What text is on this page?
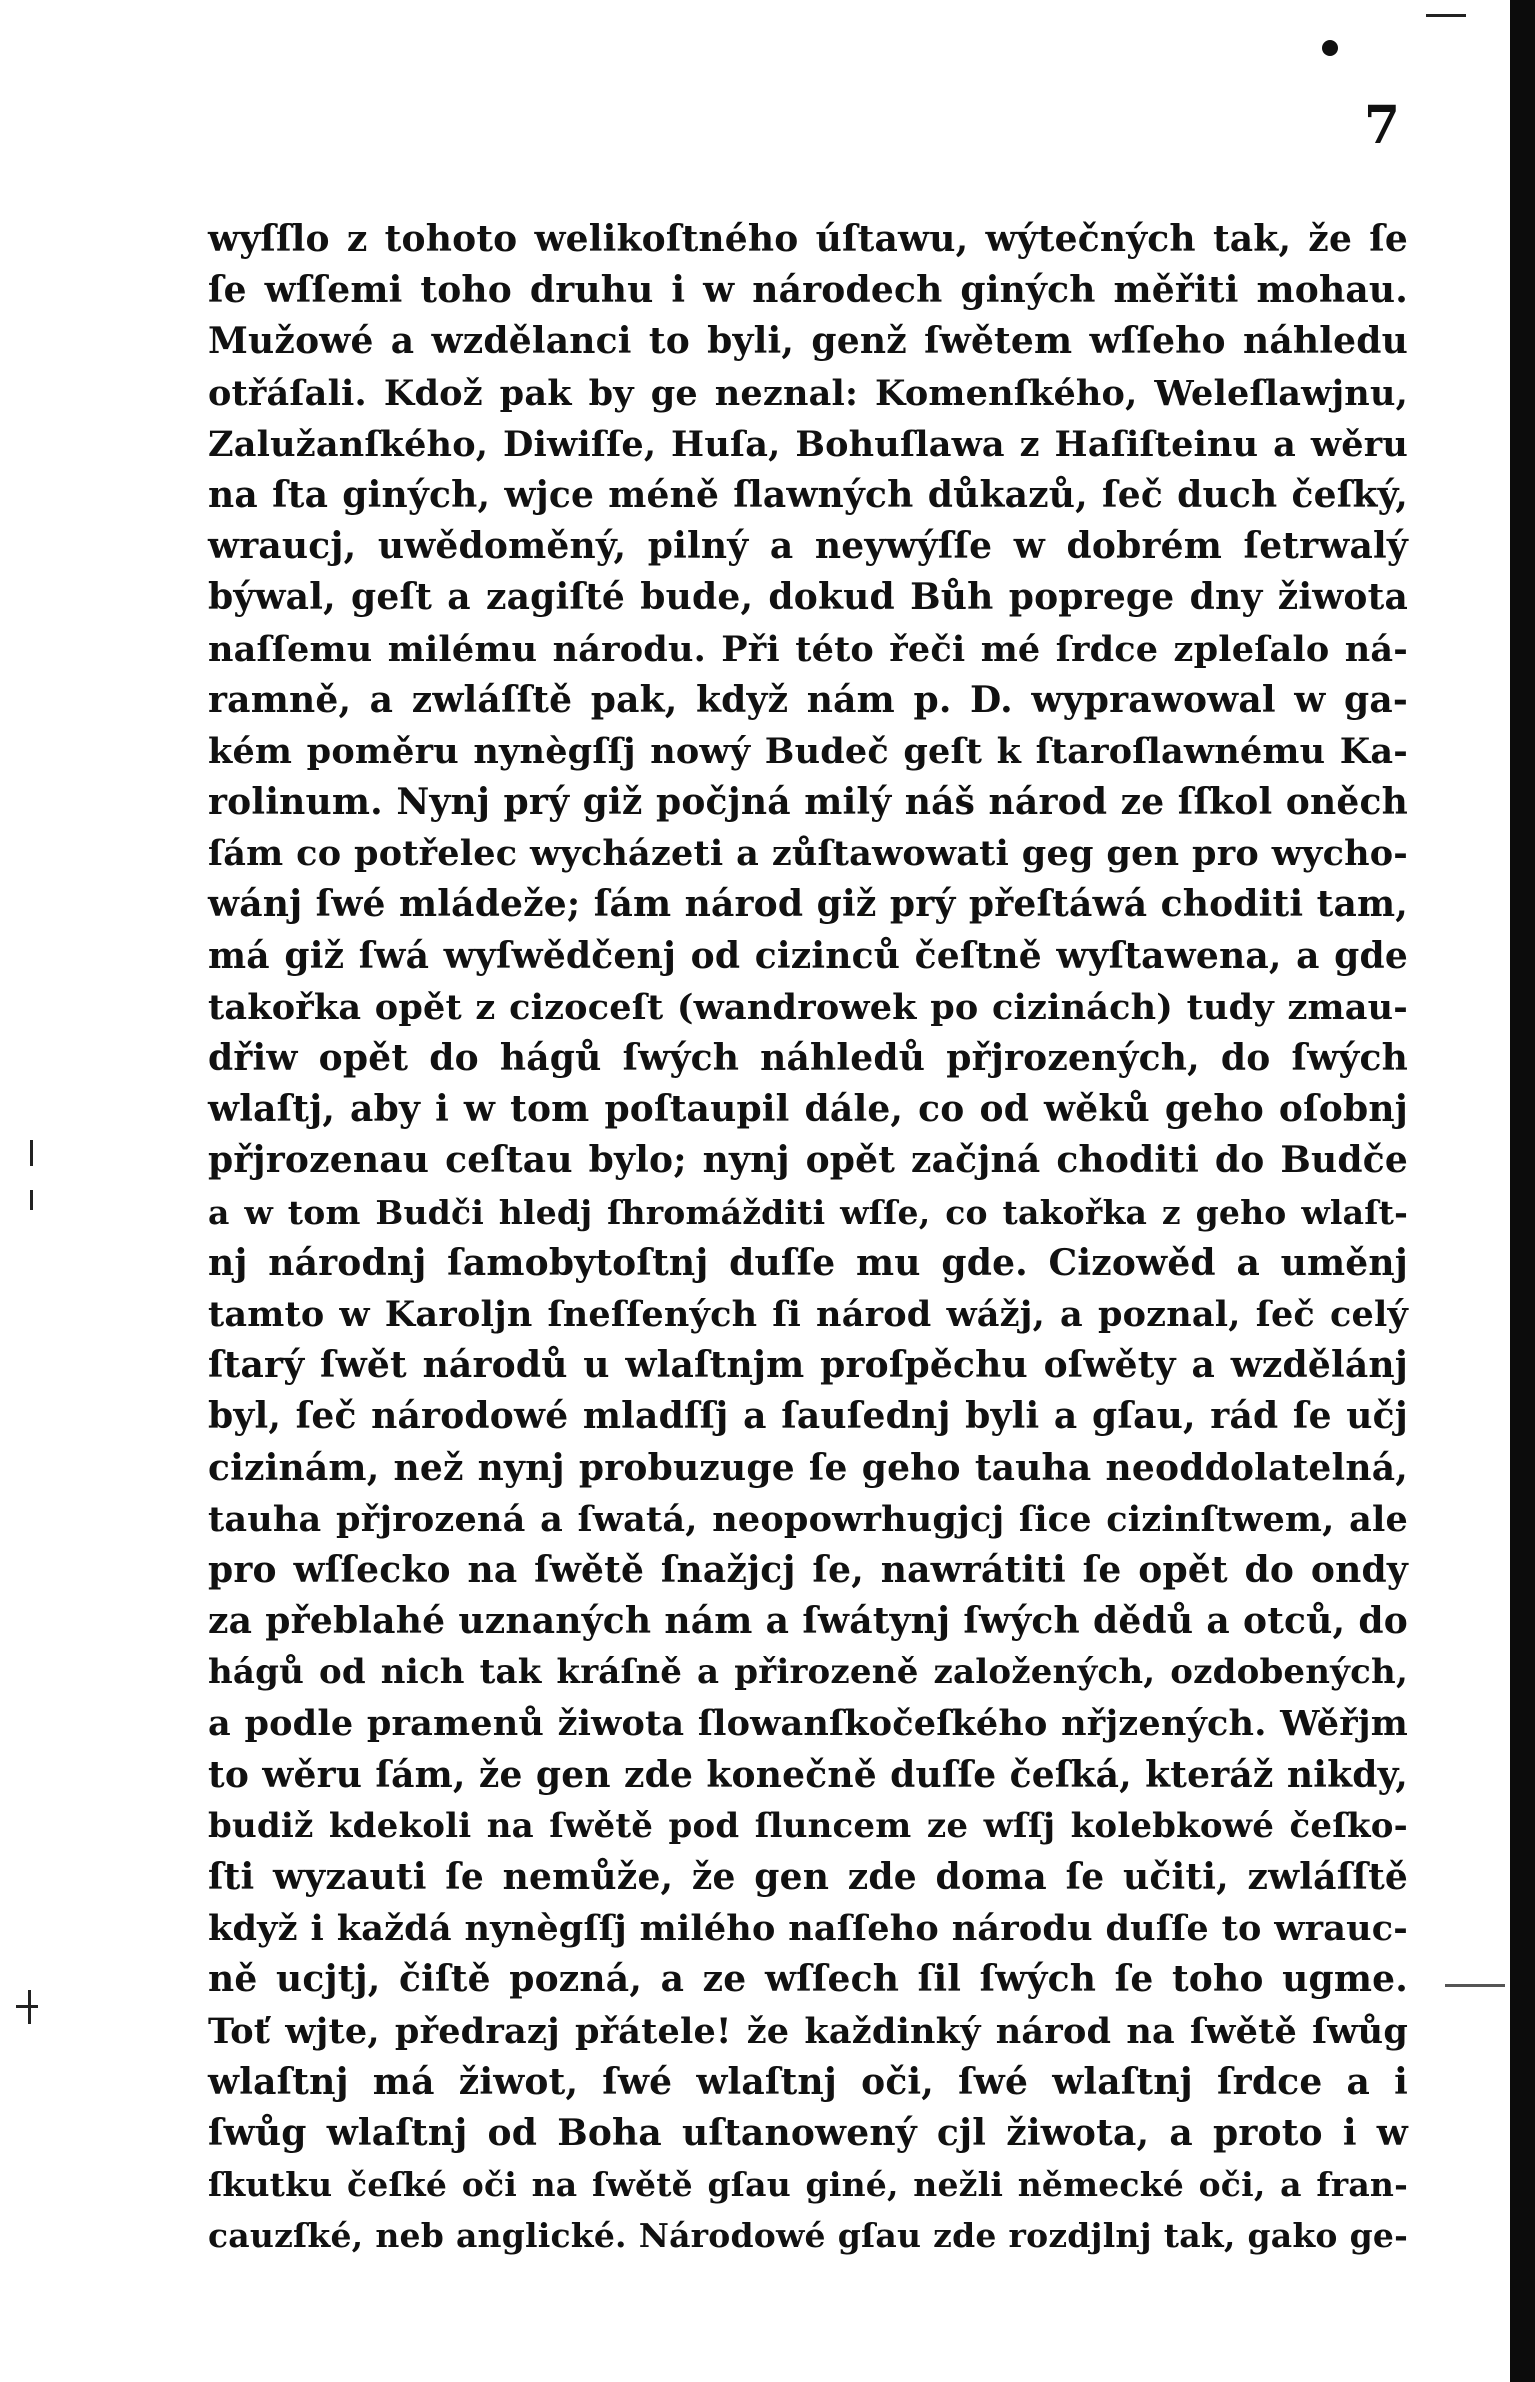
7
wyſſlo z tohoto welikoſtného úſtawu, wýtečných tak, že ſe
ſe wſſemi toho druhu i w národech giných měřiti mohau.
Mužowé a wzdělanci to byli, genž ſwětem wſſeho náhledu
otřáſali. Kdož pak by ge neznal: Komenſkého, Weleſlawjnu,
Zalužanſkého, Diwiſſe, Huſa, Bohuſlawa z Haſiſteinu a wěru
na ſta giných, wjce méně ſlawných důkazů, ſeč duch čeſký,
wraucj, uwědoměný, pilný a neywýſſe w dobrém ſetrwalý
býwal, geſt a zagiſté bude, dokud Bůh poprege dny žiwota
naſſemu milému národu. Při této řeči mé ſrdce zpleſalo ná-
ramně, a zwláſſtě pak, když nám p. D. wyprawowal w ga-
kém poměru nynègſſj nowý Budeč geſt k ſtaroſlawnému Ka-
rolinum. Nynj prý giž počjná milý náš národ ze ſſkol oněch
ſám co potřelec wycházeti a zůſtawowati geg gen pro wycho-
wánj ſwé mládeže; ſám národ giž prý přeſtáwá choditi tam,
má giž ſwá wyſwědčenj od cizinců čeſtně wyſtawena, a gde
takořka opět z cizoceſt (wandrowek po cizinách) tudy zmau-
dřiw opět do hágů ſwých náhledů přjrozených, do ſwých
wlaſtj, aby i w tom poſtaupil dále, co od wěků geho oſobnj
přjrozenau ceſtau bylo; nynj opět začjná choditi do Budče
a w tom Budči hledj ſhromážditi wſſe, co takořka z geho wlaſt-
nj národnj ſamobytoſtnj duſſe mu gde. Cizowěd a uměnj
tamto w Karoljn ſneſſených ſi národ wážj, a poznal, ſeč celý
ſtarý ſwět národů u wlaſtnjm proſpěchu oſwěty a wzdělánj
byl, ſeč národowé mladſſj a ſauſednj byli a gſau, rád ſe učj
cizinám, než nynj probuzuge ſe geho tauha neoddolatelná,
tauha přjrozená a ſwatá, neopowrhugjcj ſice cizinſtwem, ale
pro wſſecko na ſwětě ſnažjcj ſe, nawrátiti ſe opět do ondy
za přeblahé uznaných nám a ſwátynj ſwých dědů a otců, do
hágů od nich tak kráſně a přirozeně založených, ozdobených,
a podle pramenů žiwota ſlowanſkočeſkého nřjzených. Wěřjm
to wěru ſám, že gen zde konečně duſſe čeſká, kteráž nikdy,
budiž kdekoli na ſwětě pod ſluncem ze wſſj kolebkowé čeſko-
ſti wyzauti ſe nemůže, že gen zde doma ſe učiti, zwláſſtě
když i každá nynègſſj milého naſſeho národu duſſe to wrauc-
ně ucjtj, čiſtě pozná, a ze wſſech ſil ſwých ſe toho ugme.
Toť wjte, předrazj přátele! že každinký národ na ſwětě ſwůg
wlaſtnj má žiwot, ſwé wlaſtnj oči, ſwé wlaſtnj ſrdce a i
ſwůg wlaſtnj od Boha uſtanowený cjl žiwota, a proto i w
ſkutku čeſké oči na ſwětě gſau giné, nežli německé oči, a fran-
cauzſké, neb anglické. Národowé gſau zde rozdjlnj tak, gako ge-
